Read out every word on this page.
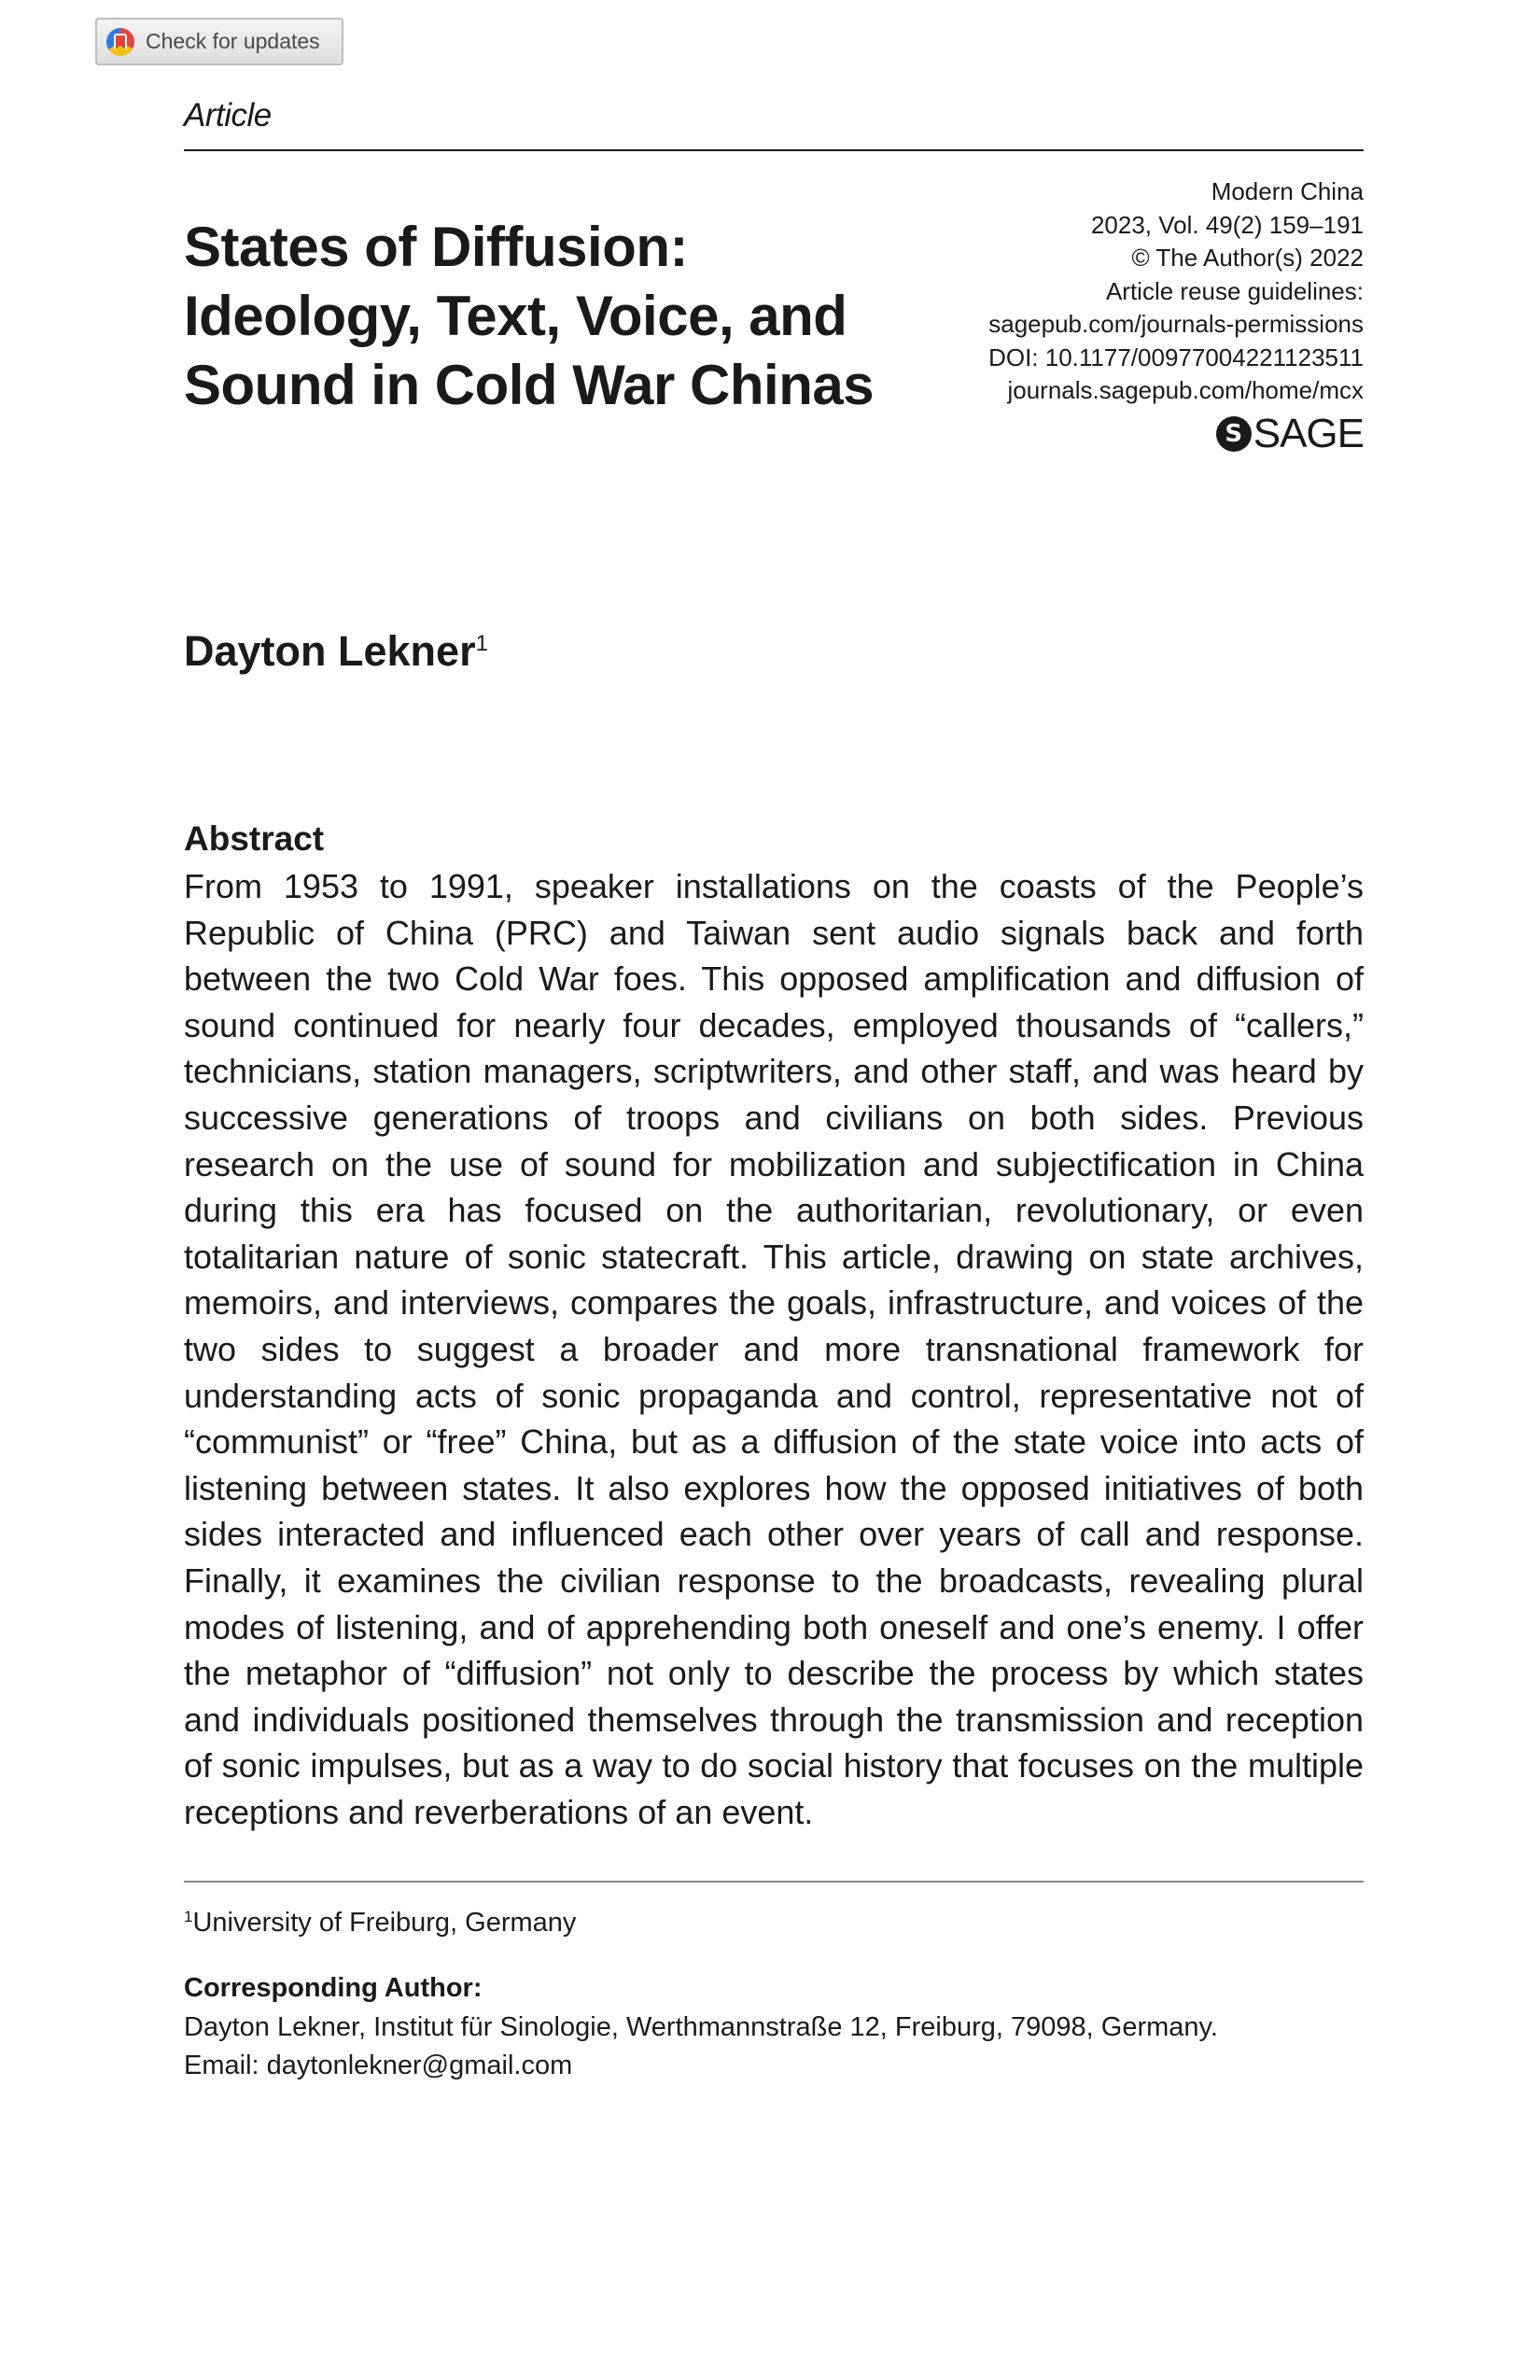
Check for updates
Article
States of Diffusion: Ideology, Text, Voice, and Sound in Cold War Chinas
Modern China
2023, Vol. 49(2) 159–191
© The Author(s) 2022
Article reuse guidelines:
sagepub.com/journals-permissions
DOI: 10.1177/00977004221123511
journals.sagepub.com/home/mcx
S SAGE
Dayton Lekner$^1$
Abstract

From 1953 to 1991, speaker installations on the coasts of the People’s Republic of China (PRC) and Taiwan sent audio signals back and forth between the two Cold War foes. This opposed amplification and diffusion of sound continued for nearly four decades, employed thousands of “callers,” technicians, station managers, scriptwriters, and other staff, and was heard by successive generations of troops and civilians on both sides. Previous research on the use of sound for mobilization and subjectification in China during this era has focused on the authoritarian, revolutionary, or even totalitarian nature of sonic statecraft. This article, drawing on state archives, memoirs, and interviews, compares the goals, infrastructure, and voices of the two sides to suggest a broader and more transnational framework for understanding acts of sonic propaganda and control, representative not of “communist” or “free” China, but as a diffusion of the state voice into acts of listening between states. It also explores how the opposed initiatives of both sides interacted and influenced each other over years of call and response. Finally, it examines the civilian response to the broadcasts, revealing plural modes of listening, and of apprehending both oneself and one’s enemy. I offer the metaphor of “diffusion” not only to describe the process by which states and individuals positioned themselves through the transmission and reception of sonic impulses, but as a way to do social history that focuses on the multiple receptions and reverberations of an event.

$^1$University of Freiburg, Germany
Corresponding Author:
Dayton Lekner, Institut für Sinologie, Werthmannstraße 12, Freiburg, 79098, Germany.
Email: daytonlekner@gmail.com
